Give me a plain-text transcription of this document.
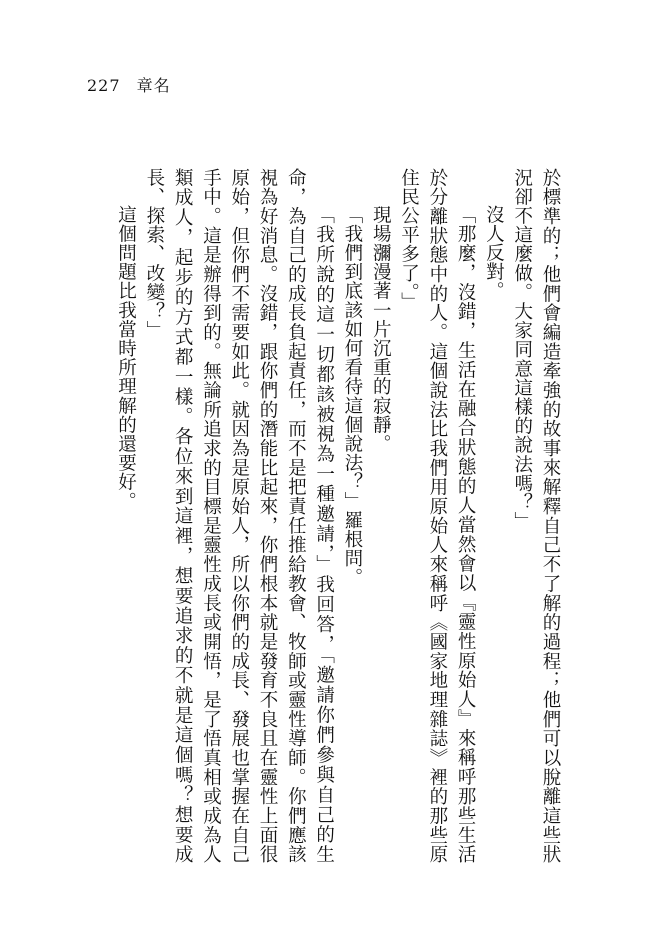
227 章名

於標準的；他們會編造牽強的故事來解釋自己不了解的過程；他們可以脫離這些狀況卻不這麼做。大家同意這樣的說法嗎？」

沒人反對。

「那麼，沒錯，生活在融合狀態的人當然會以『靈性原始人』來稱呼那些生活於分離狀態中的人。這個說法比我們用原始人來稱呼《國家地理雜誌》裡的那些原住民公平多了。」

現場瀰漫著一片沉重的寂靜。

「我們到底該如何看待這個說法？」羅根問。

「我所說的這一切都該被視為一種邀請，」我回答，「邀請你們參與自己的生命，為自己的成長負起責任，而不是把責任推給教會、牧師或靈性導師。你們應該視為好消息。沒錯，跟你們的潛能比起來，你們根本就是發育不良且在靈性上面很原始，但你們不需要如此。就因為是原始人，所以你們的成長、發展也掌握在自己手中。這是辦得到的。無論所追求的目標是靈性成長或開悟，是了悟真相或成為人類成人，起步的方式都一樣。各位來到這裡，想要追求的不就是這個嗎？想要成長、探索、改變？」

這個問題比我當時所理解的還要好。
